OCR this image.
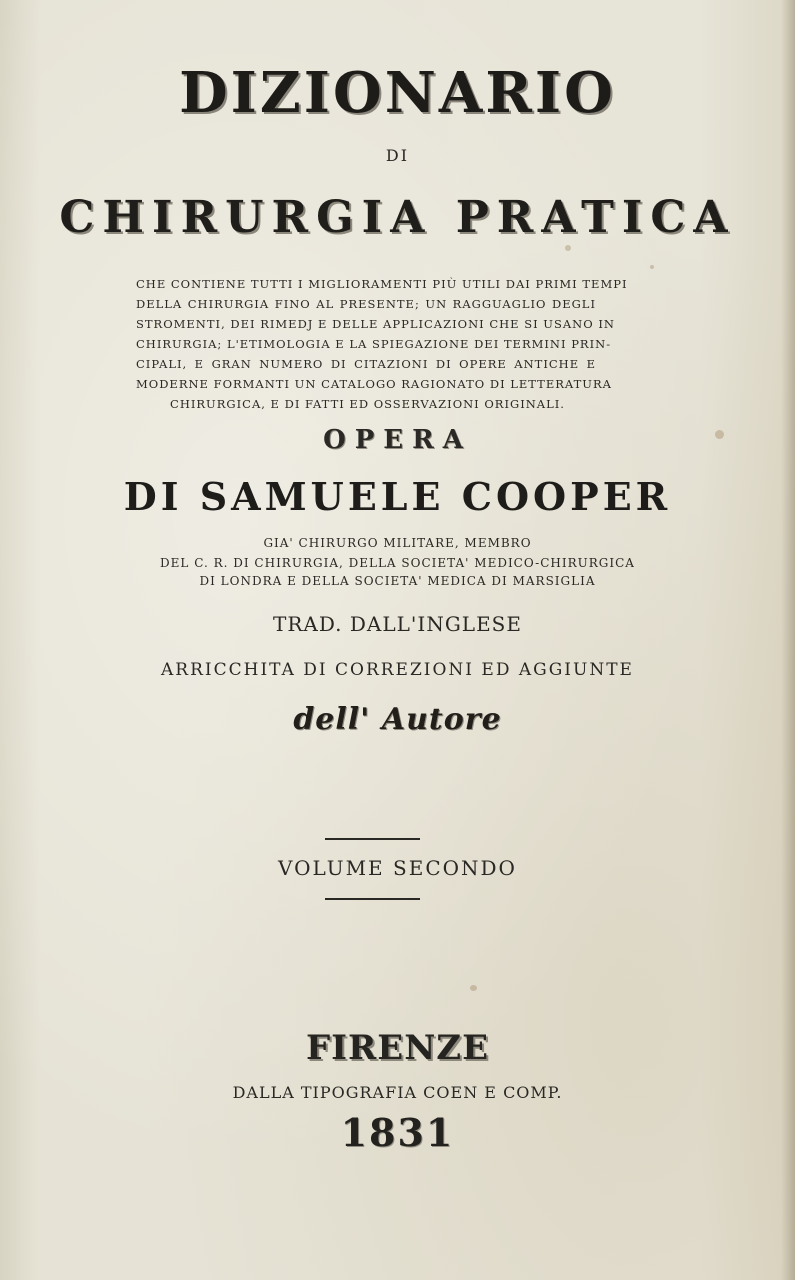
DIZIONARIO
DI
CHIRURGIA PRATICA
CHE CONTIENE TUTTI I MIGLIORAMENTI PIÙ UTILI DAI PRIMI TEMPI
DELLA CHIRURGIA FINO AL PRESENTE; UN RAGGUAGLIO DEGLI
STROMENTI, DEI RIMEDJ E DELLE APPLICAZIONI CHE SI USANO IN
CHIRURGIA; L'ETIMOLOGIA E LA SPIEGAZIONE DEI TERMINI PRIN-
CIPALI, E GRAN NUMERO DI CITAZIONI DI OPERE ANTICHE E
MODERNE FORMANTI UN CATALOGO RAGIONATO DI LETTERATURA
CHIRURGICA, E DI FATTI ED OSSERVAZIONI ORIGINALI.
OPERA
DI SAMUELE COOPER
GIA' CHIRURGO MILITARE, MEMBRO
DEL C. R. DI CHIRURGIA, DELLA SOCIETA' MEDICO-CHIRURGICA
DI LONDRA E DELLA SOCIETA' MEDICA DI MARSIGLIA
TRAD. DALL'INGLESE
ARRICCHITA DI CORREZIONI ED AGGIUNTE
dell' Autore
VOLUME SECONDO
FIRENZE
DALLA TIPOGRAFIA COEN E COMP.
1831
